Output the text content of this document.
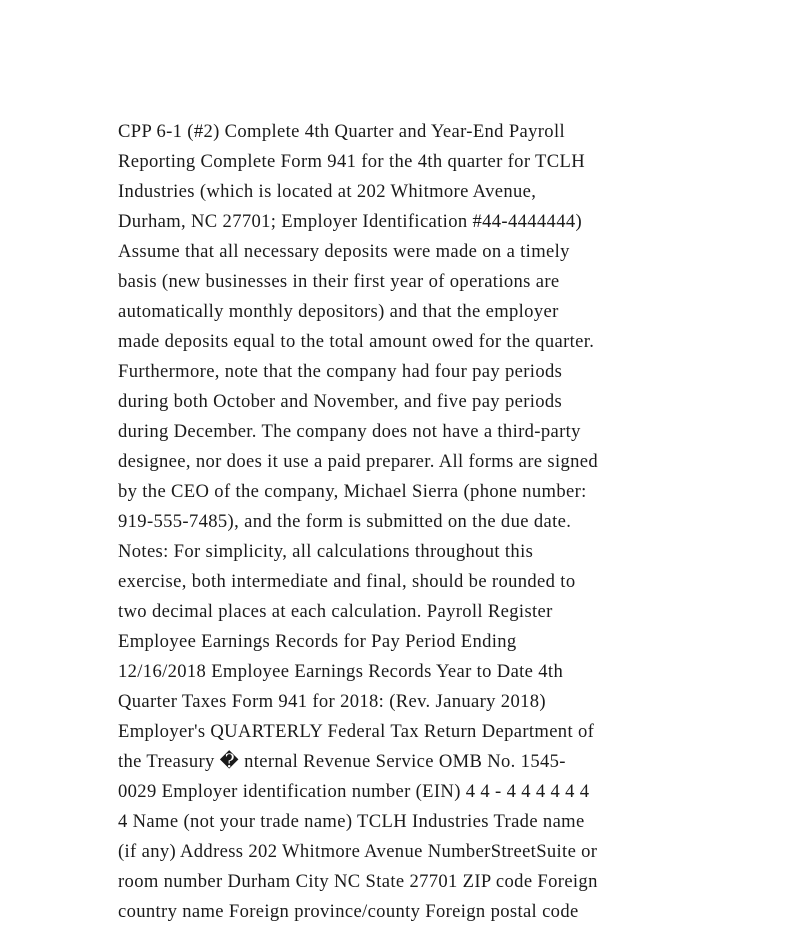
CPP 6-1 (#2) Complete 4th Quarter and Year-End Payroll
Reporting Complete Form 941 for the 4th quarter for TCLH
Industries (which is located at 202 Whitmore Avenue,
Durham, NC 27701; Employer Identification #44-4444444)
Assume that all necessary deposits were made on a timely
basis (new businesses in their first year of operations are
automatically monthly depositors) and that the employer
made deposits equal to the total amount owed for the quarter.
Furthermore, note that the company had four pay periods
during both October and November, and five pay periods
during December. The company does not have a third-party
designee, nor does it use a paid preparer. All forms are signed
by the CEO of the company, Michael Sierra (phone number:
919-555-7485), and the form is submitted on the due date.
Notes: For simplicity, all calculations throughout this
exercise, both intermediate and final, should be rounded to
two decimal places at each calculation. Payroll Register
Employee Earnings Records for Pay Period Ending
12/16/2018 Employee Earnings Records Year to Date 4th
Quarter Taxes Form 941 for 2018: (Rev. January 2018)
Employer's QUARTERLY Federal Tax Return Department of
the Treasury � nternal Revenue Service OMB No. 1545-
0029 Employer identification number (EIN) 4 4 - 4 4 4 4 4 4
4 Name (not your trade name) TCLH Industries Trade name
(if any) Address 202 Whitmore Avenue NumberStreetSuite or
room number Durham City NC State 27701 ZIP code Foreign
country name Foreign province/county Foreign postal code
